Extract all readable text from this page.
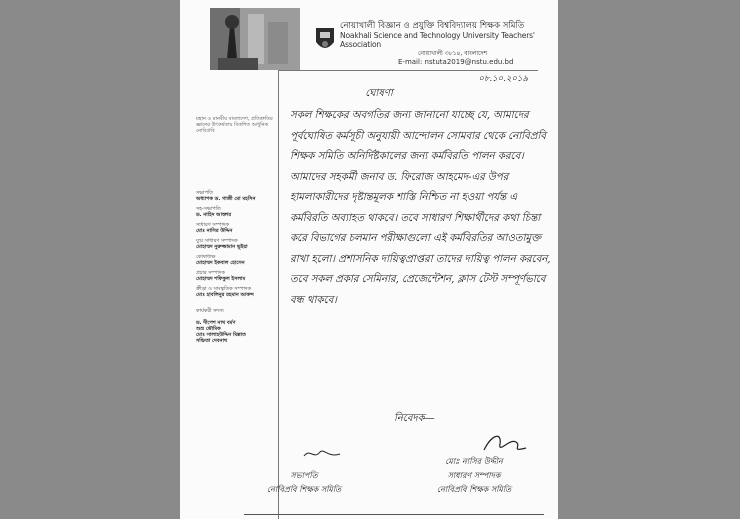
নোয়াখালী বিজ্ঞান ও প্রযুক্তি বিশ্ববিদ্যালয় শিক্ষক সমিতি
Noakhali Science and Technology University Teachers' Association
নোয়াখালী ৩৮১৪, বাংলাদেশ
E-mail: nstuta2019@nstu.edu.bd
মহান ও মানবীয় বাংলাদেশ, প্রতিশ্রুতির জ্ঞানের উৎকর্ষতায় বিকশিত আধুনিক নোবিপ্রবি
সভাপতি
অধ্যাপক ড. গাজী মো মহসিন
সহ-সভাপতি
ড. নাহিদ আক্তার
সাধারণ সম্পাদক
মোঃ নাসির উদ্দিন
যুগ্ম সাধারণ সম্পাদক
মোহাম্মদ নুরুজ্জামান ভূইয়া
কোষাধ্যক্ষ
মোহাম্মদ ইকবাল হোসেন
প্রচার সম্পাদক
মোহাম্মদ শফিকুল ইসলাম
ক্রীড়া ও সাংস্কৃতিক সম্পাদক
মোঃ হাবলিনুর রহমান আকন্দ

কার্যকরী সদস্য

ড. দীপেশ নাথ বর্মণ
শুভ্র ভৌমিক
মোঃ সালাহউদ্দিন মিল্লাত
সঞ্চিতা দেবনাথ

০৮.১০.২০১৯
ঘোষণা
সকল শিক্ষকের অবগতির জন্য জানানো যাচ্ছে যে, আমাদের পূর্বঘোষিত কর্মসূচী অনুযায়ী আন্দোলন সোমবার থেকে নোবিপ্রবি শিক্ষক সমিতি অনির্দিষ্টকালের জন্য কর্মবিরতি পালন করবে। আমাদের সহকর্মী জনাব ড. ফিরোজ আহমেদ-এর উপর হামলাকারীদের দৃষ্টান্তমূলক শাস্তি নিশ্চিত না হওয়া পর্যন্ত এ কর্মবিরতি অব্যাহত থাকবে। তবে সাধারণ শিক্ষার্থীদের কথা চিন্তা করে বিভাগের চলমান পরীক্ষাগুলো এই কর্মবিরতির আওতামুক্ত রাখা হলো। প্রশাসনিক দায়িত্বপ্রাপ্তরা তাদের দায়িত্ব পালন করবেন, তবে সকল প্রকার সেমিনার, প্রেজেন্টেশন, ক্লাস টেস্ট সম্পূর্ণভাবে বন্ধ থাকবে।
নিবেদক—
সভাপতি
নোবিপ্রবি শিক্ষক সমিতি
মোঃ নাসির উদ্দীন
সাধারণ সম্পাদক
নোবিপ্রবি শিক্ষক সমিতি
